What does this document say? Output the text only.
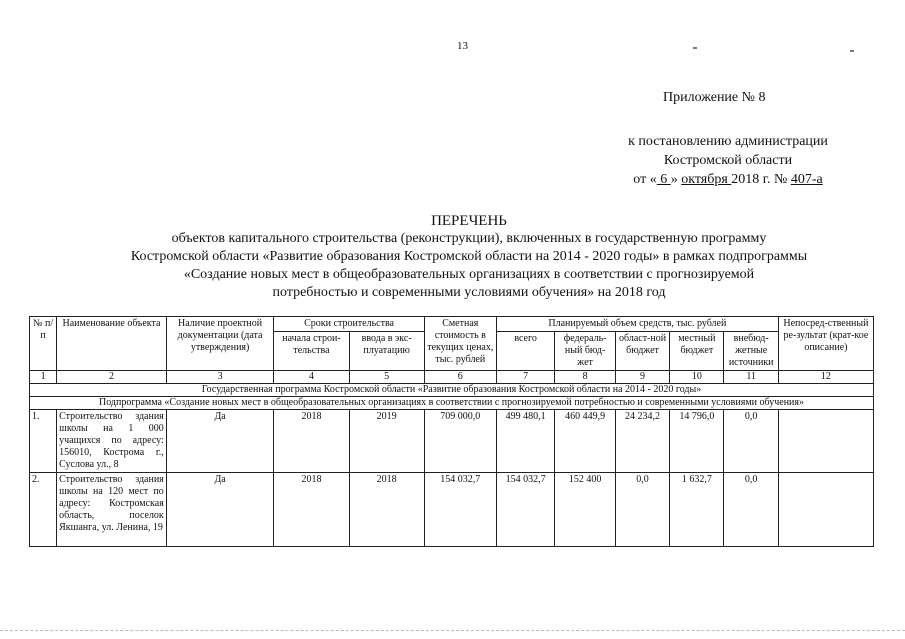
13
Приложение № 8
к постановлению администрации
Костромской области
от « 6 » октября 2018 г. № 407-а
ПЕРЕЧЕНЬ
объектов капитального строительства (реконструкции), включенных в государственную программу
Костромской области «Развитие образования Костромской области на 2014 - 2020 годы» в рамках подпрограммы
«Создание новых мест в общеобразовательных организациях в соответствии с прогнозируемой
потребностью и современными условиями обучения» на 2018 год
№ п/п	Наименование объекта	Наличие проектной документации (дата утверждения)	Сроки строительства		Сметная стоимость в текущих ценах, тыс. рублей	Планируемый объем средств, тыс. рублей					Непосред-ственный ре-зультат (крат-кое описание)
			начала строи-тельства	ввода в экс-плуатацию		всего	федераль-ный бюд-жет	област-ной бюджет	местный бюджет	внебюд-жетные источники	
1	2	3	4	5	6	7	8	9	10	11	12
Государственная программа Костромской области «Развитие образования Костромской области на 2014 - 2020 годы»											
Подпрограмма «Создание новых мест в общеобразовательных организациях в соответствии с прогнозируемой потребностью и современными условиями обучения»											
1.	Строительство здания школы на 1 000 учащихся по адресу: 156010, Кострома г., Суслова ул., 8	Да	2018	2019	709 000,0	499 480,1	460 449,9	24 234,2	14 796,0	0,0	
2.	Строительство здания школы на 120 мест по адресу: Костромская область, поселок Якшанга, ул. Ленина, 19	Да	2018	2018	154 032,7	154 032,7	152 400	0,0	1 632,7	0,0	
